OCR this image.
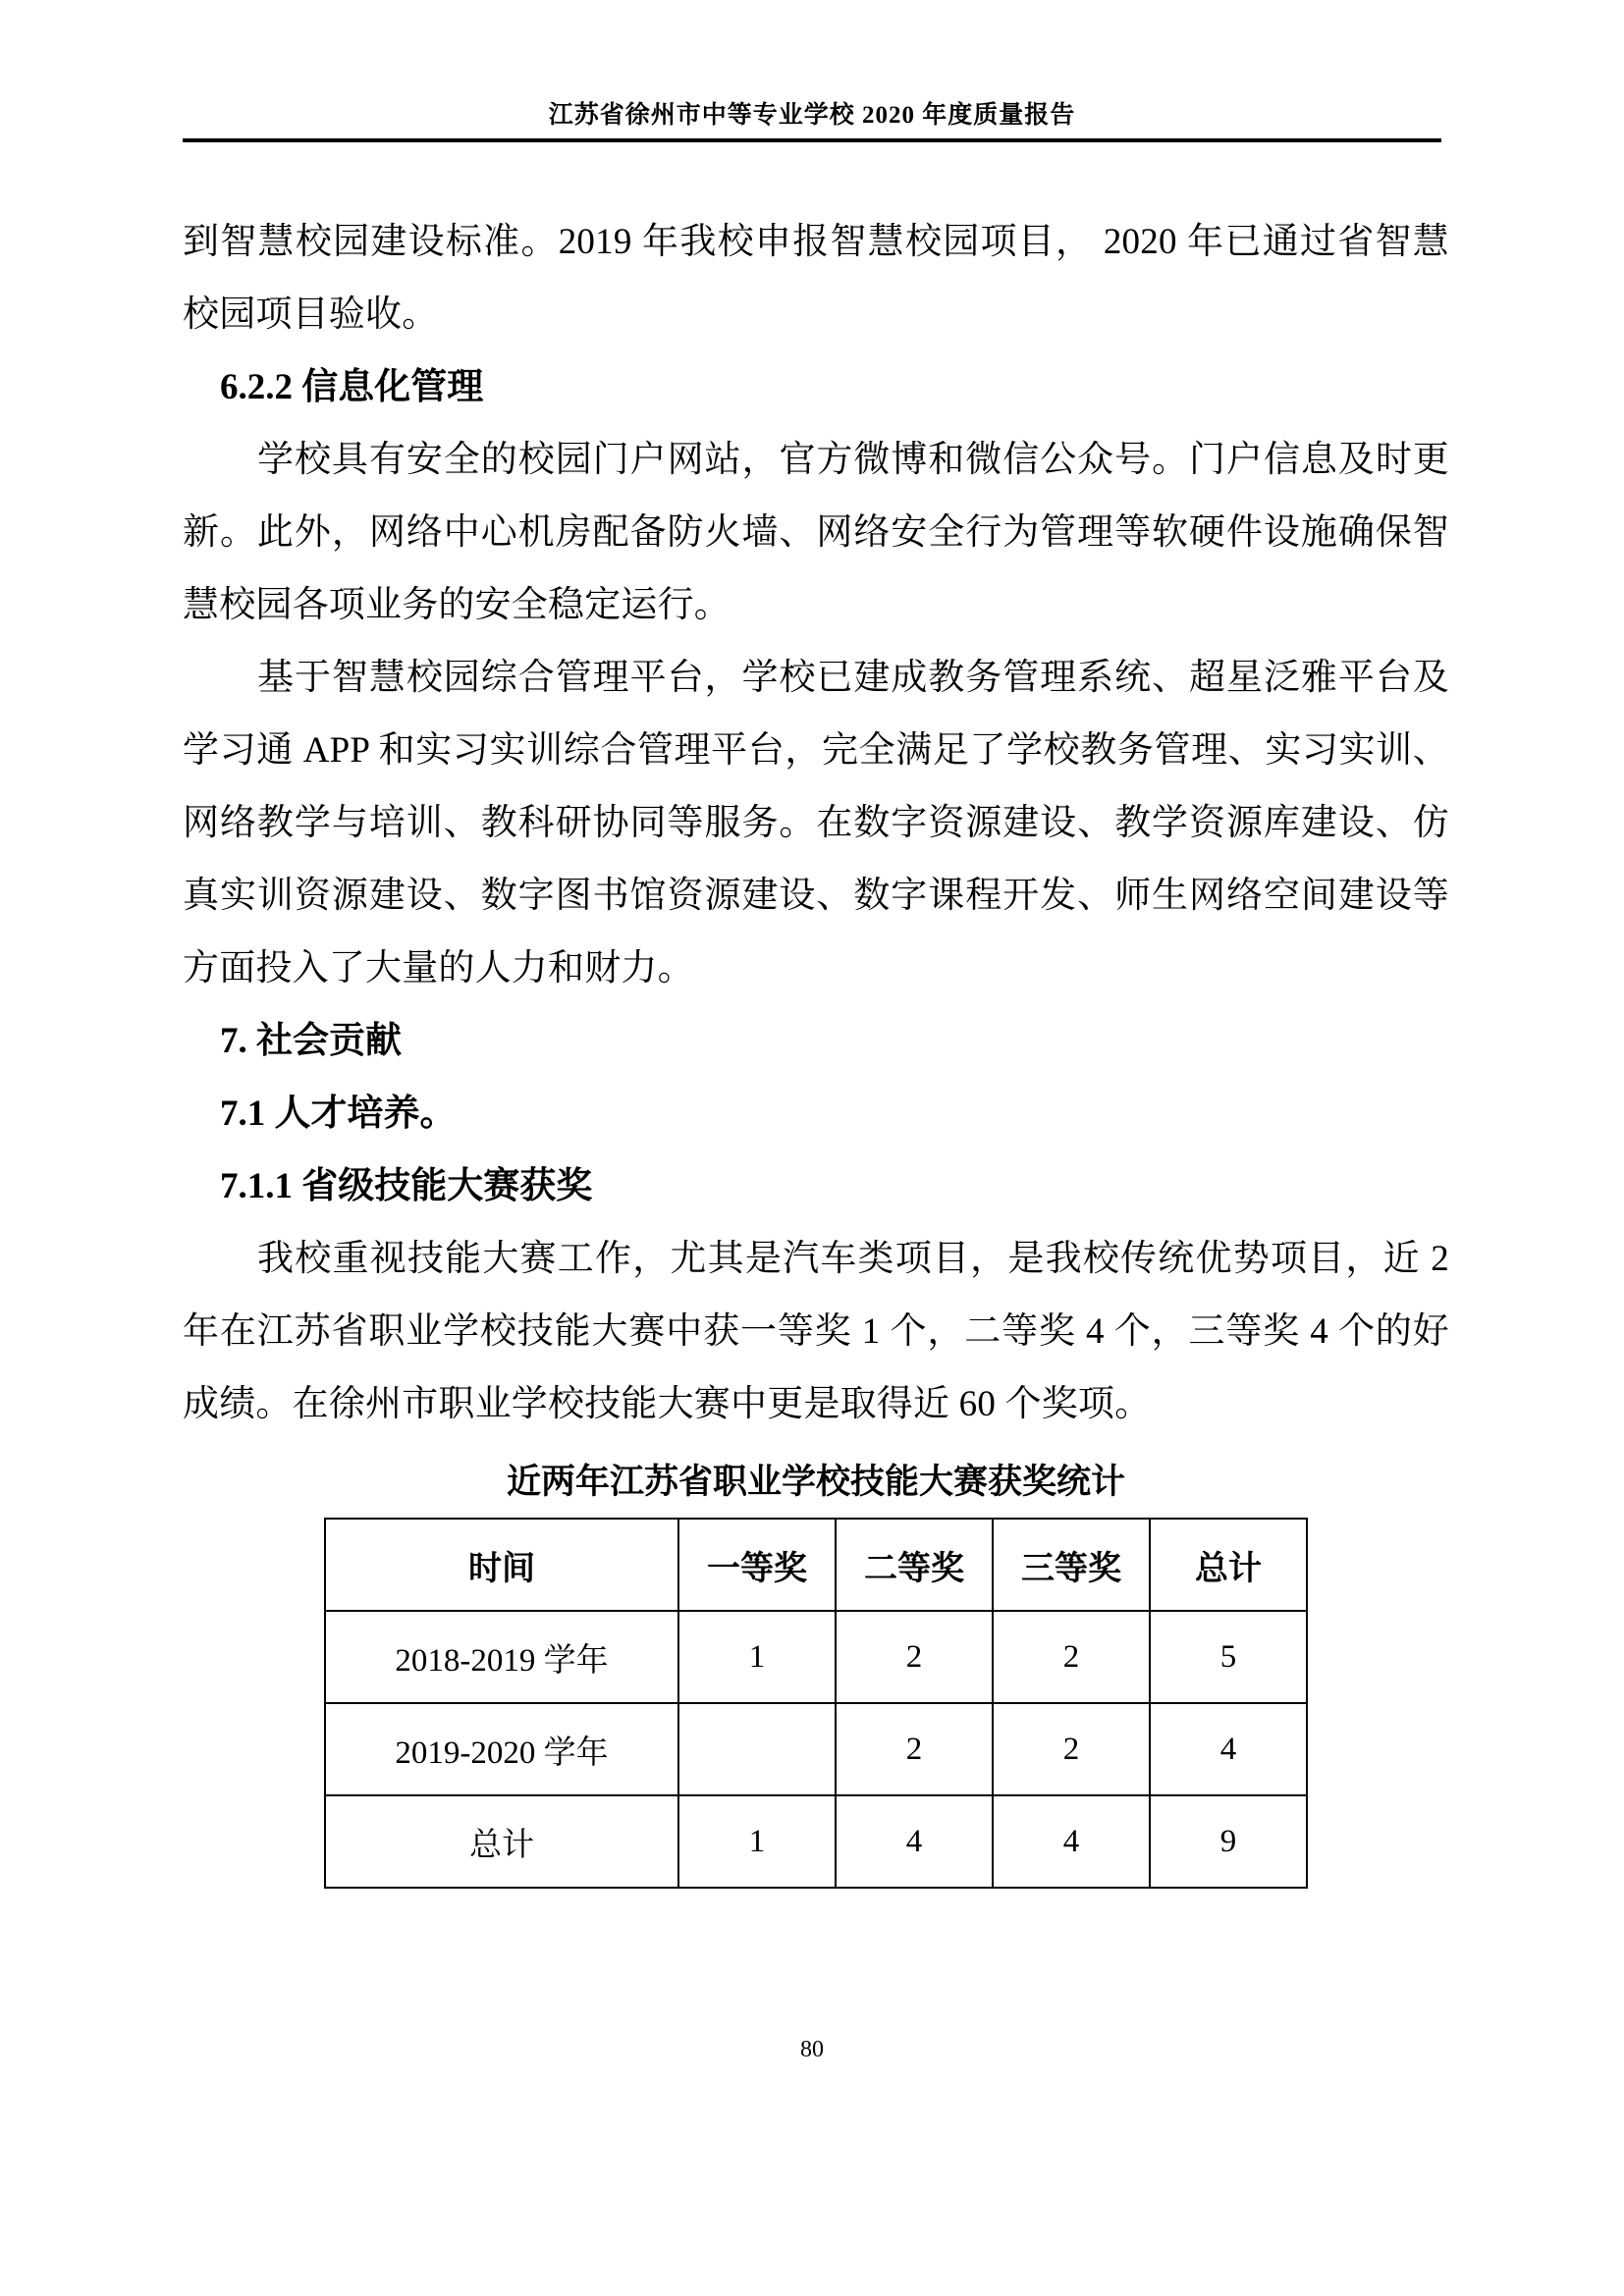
江苏省徐州市中等专业学校 2020 年度质量报告

到智慧校园建设标准。2019 年我校申报智慧校园项目， 2020 年已通过省智慧校园项目验收。

6.2.2 信息化管理

学校具有安全的校园门户网站，官方微博和微信公众号。门户信息及时更新。此外，网络中心机房配备防火墙、网络安全行为管理等软硬件设施确保智慧校园各项业务的安全稳定运行。

基于智慧校园综合管理平台，学校已建成教务管理系统、超星泛雅平台及学习通 APP 和实习实训综合管理平台，完全满足了学校教务管理、实习实训、网络教学与培训、教科研协同等服务。在数字资源建设、教学资源库建设、仿真实训资源建设、数字图书馆资源建设、数字课程开发、师生网络空间建设等方面投入了大量的人力和财力。

7. 社会贡献
7.1 人才培养。
7.1.1 省级技能大赛获奖

我校重视技能大赛工作，尤其是汽车类项目，是我校传统优势项目，近 2 年在江苏省职业学校技能大赛中获一等奖 1 个，二等奖 4 个，三等奖 4 个的好成绩。在徐州市职业学校技能大赛中更是取得近 60 个奖项。

近两年江苏省职业学校技能大赛获奖统计
时间	一等奖	二等奖	三等奖	总计
2018-2019 学年	1	2	2	5
2019-2020 学年		2	2	4
总计	1	4	4	9
80
